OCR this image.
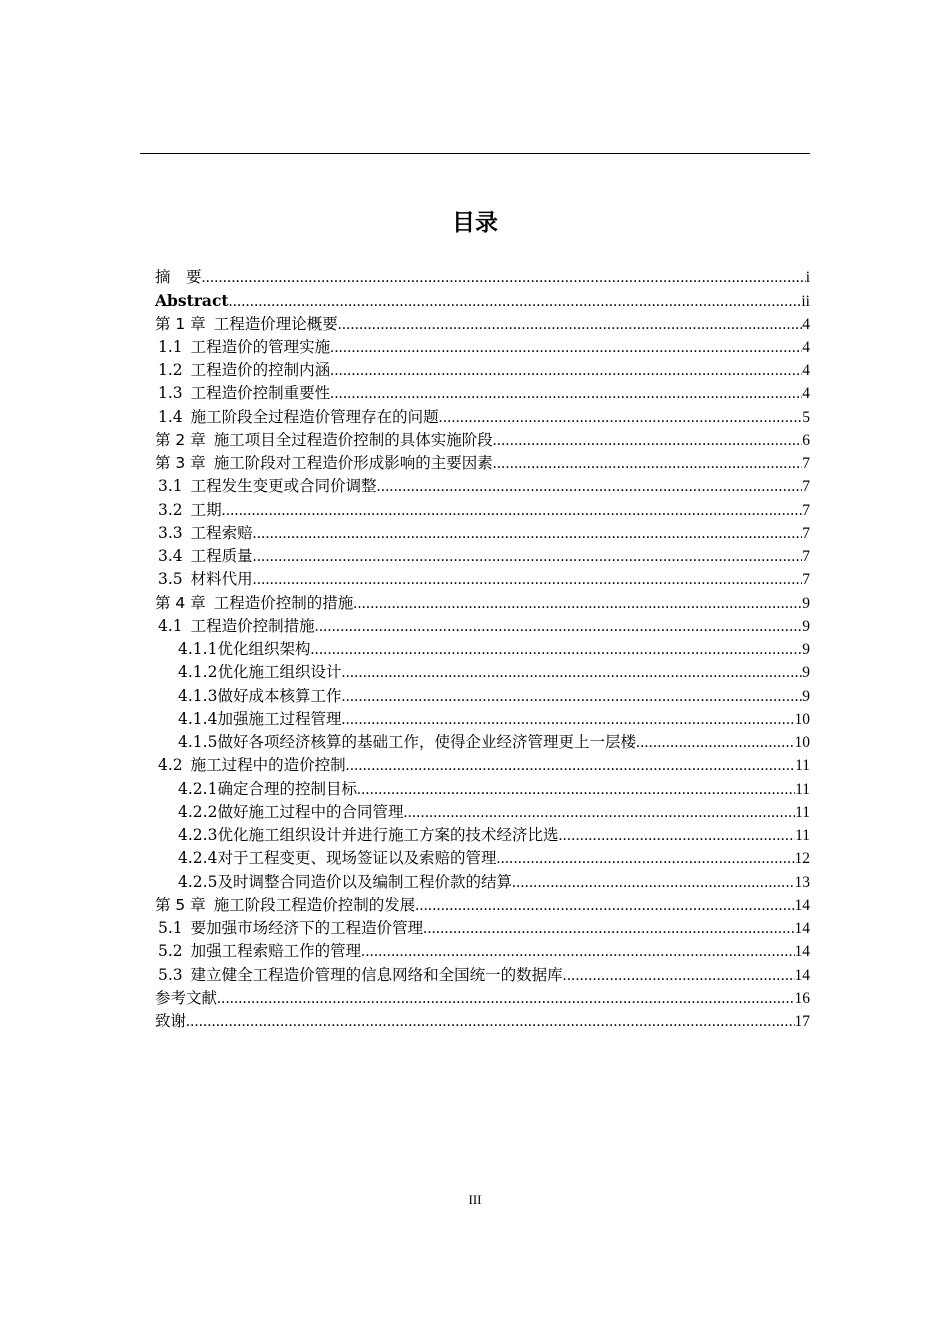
目录
摘　要 .....	i
Abstract .....	ii
第 1 章 工程造价理论概要 .....	4
1.1 工程造价的管理实施 .....	4
1.2 工程造价的控制内涵 .....	4
1.3 工程造价控制重要性 .....	4
1.4 施工阶段全过程造价管理存在的问题 .....	5
第 2 章 施工项目全过程造价控制的具体实施阶段 .....	6
第 3 章 施工阶段对工程造价形成影响的主要因素 .....	7
3.1 工程发生变更或合同价调整 .....	7
3.2 工期 .....	7
3.3 工程索赔 .....	7
3.4 工程质量 .....	7
3.5 材料代用 .....	7
第 4 章 工程造价控制的措施 .....	9
4.1 工程造价控制措施 .....	9
4.1.1 优化组织架构 .....	9
4.1.2 优化施工组织设计 .....	9
4.1.3 做好成本核算工作 .....	9
4.1.4 加强施工过程管理 .....	10
4.1.5 做好各项经济核算的基础工作，使得企业经济管理更上一层楼 .....	10
4.2 施工过程中的造价控制 .....	11
4.2.1 确定合理的控制目标 .....	11
4.2.2 做好施工过程中的合同管理 .....	11
4.2.3 优化施工组织设计并进行施工方案的技术经济比选 .....	11
4.2.4 对于工程变更、现场签证以及索赔的管理 .....	12
4.2.5 及时调整合同造价以及编制工程价款的结算 .....	13
第 5 章 施工阶段工程造价控制的发展 .....	14
5.1 要加强市场经济下的工程造价管理 .....	14
5.2 加强工程索赔工作的管理 .....	14
5.3 建立健全工程造价管理的信息网络和全国统一的数据库 .....	14
参考文献 .....	16
致谢 .....	17
III
